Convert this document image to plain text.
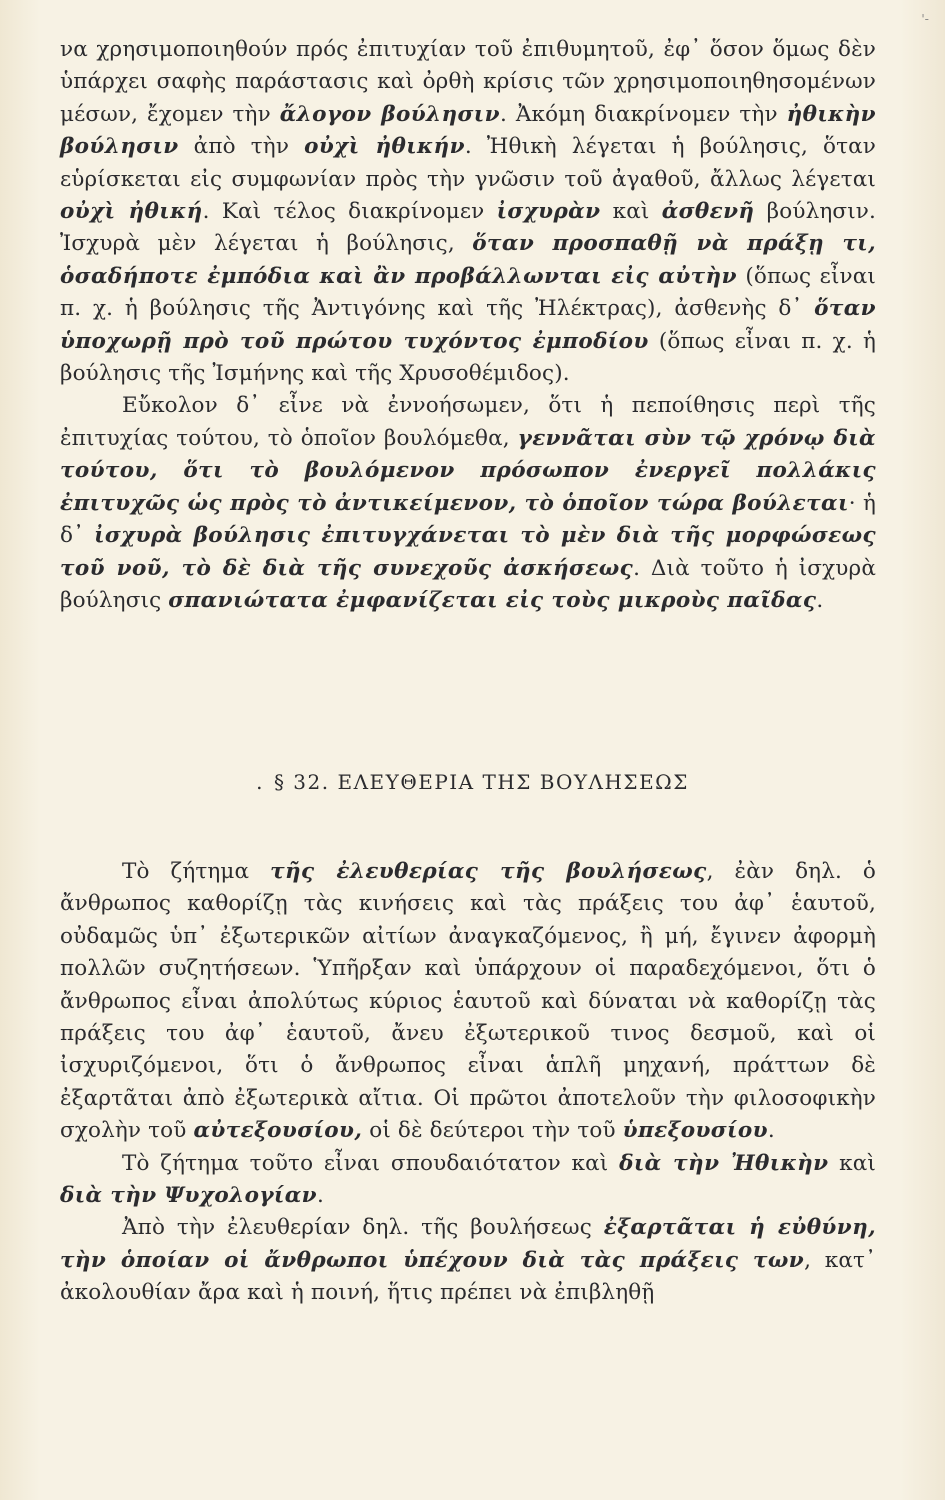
'-

να χρησιμοποιηθούν πρός ἐπιτυχίαν τοῦ ἐπιθυμητοῦ, ἐφ᾽ ὅσον ὅμως δὲν ὑπάρχει σαφὴς παράστασις καὶ ὀρθὴ κρίσις τῶν χρησιμοποιηθησομένων μέσων, ἔχομεν τὴν ἄλογον βούλησιν. Ἀκόμη διακρίνομεν τὴν ἠθικὴν βούλησιν ἀπὸ τὴν οὐχὶ ἠθικήν. Ἠθικὴ λέγεται ἡ βούλησις, ὅταν εὑρίσκεται εἰς συμφωνίαν πρὸς τὴν γνῶσιν τοῦ ἀγαθοῦ, ἄλλως λέγεται οὐχὶ ἠθική. Καὶ τέλος διακρίνομεν ἰσχυρὰν καὶ ἀσθενῆ βούλησιν. Ἰσχυρὰ μὲν λέγεται ἡ βούλησις, ὅταν προσπαθῇ νὰ πράξῃ τι, ὁσαδήποτε ἐμπόδια καὶ ἂν προβάλλωνται εἰς αὐτὴν (ὅπως εἶναι π. χ. ἡ βούλησις τῆς Ἀντιγόνης καὶ τῆς Ἠλέκτρας), ἀσθενὴς δ᾽ ὅταν ὑποχωρῇ πρὸ τοῦ πρώτου τυχόντος ἐμποδίου (ὅπως εἶναι π. χ. ἡ βούλησις τῆς Ἰσμήνης καὶ τῆς Χρυσοθέμιδος).

Εὔκολον δ᾽ εἶνε νὰ ἐννοήσωμεν, ὅτι ἡ πεποίθησις περὶ τῆς ἐπιτυχίας τούτου, τὸ ὁποῖον βουλόμεθα, γεννᾶται σὺν τῷ χρόνῳ διὰ τούτου, ὅτι τὸ βουλόμενον πρόσωπον ἐνεργεῖ πολλάκις ἐπιτυχῶς ὡς πρὸς τὸ ἀντικείμενον, τὸ ὁποῖον τώρα βούλεται· ἡ δ᾽ ἰσχυρὰ βούλησις ἐπιτυγχάνεται τὸ μὲν διὰ τῆς μορφώσεως τοῦ νοῦ, τὸ δὲ διὰ τῆς συνεχοῦς ἀσκήσεως. Διὰ τοῦτο ἡ ἰσχυρὰ βούλησις σπανιώτατα ἐμφανίζεται εἰς τοὺς μικροὺς παῖδας.

. § 32. ΕΛΕΥΘΕΡΙΑ ΤΗΣ ΒΟΥΛΗΣΕΩΣ

Τὸ ζήτημα τῆς ἐλευθερίας τῆς βουλήσεως, ἐὰν δηλ. ὁ ἄνθρωπος καθορίζῃ τὰς κινήσεις καὶ τὰς πράξεις του ἀφ᾽ ἑαυτοῦ, οὐδαμῶς ὑπ᾽ ἐξωτερικῶν αἰτίων ἀναγκαζόμενος, ἢ μή, ἔγινεν ἀφορμὴ πολλῶν συζητήσεων. Ὑπῆρξαν καὶ ὑπάρχουν οἱ παραδεχόμενοι, ὅτι ὁ ἄνθρωπος εἶναι ἀπολύτως κύριος ἑαυτοῦ καὶ δύναται νὰ καθορίζῃ τὰς πράξεις του ἀφ᾽ ἑαυτοῦ, ἄνευ ἐξωτερικοῦ τινος δεσμοῦ, καὶ οἱ ἰσχυριζόμενοι, ὅτι ὁ ἄνθρωπος εἶναι ἁπλῆ μηχανή, πράττων δὲ ἐξαρτᾶται ἀπὸ ἐξωτερικὰ αἴτια. Οἱ πρῶτοι ἀποτελοῦν τὴν φιλοσοφικὴν σχολὴν τοῦ αὐτεξουσίου, οἱ δὲ δεύτεροι τὴν τοῦ ὑπεξουσίου.

Τὸ ζήτημα τοῦτο εἶναι σπουδαιότατον καὶ διὰ τὴν Ἠθικὴν καὶ διὰ τὴν Ψυχολογίαν.

Ἀπὸ τὴν ἐλευθερίαν δηλ. τῆς βουλήσεως ἐξαρτᾶται ἡ εὐθύνη, τὴν ὁποίαν οἱ ἄνθρωποι ὑπέχουν διὰ τὰς πράξεις των, κατ᾽ ἀκολουθίαν ἄρα καὶ ἡ ποινή, ἥτις πρέπει νὰ ἐπιβληθῇ
